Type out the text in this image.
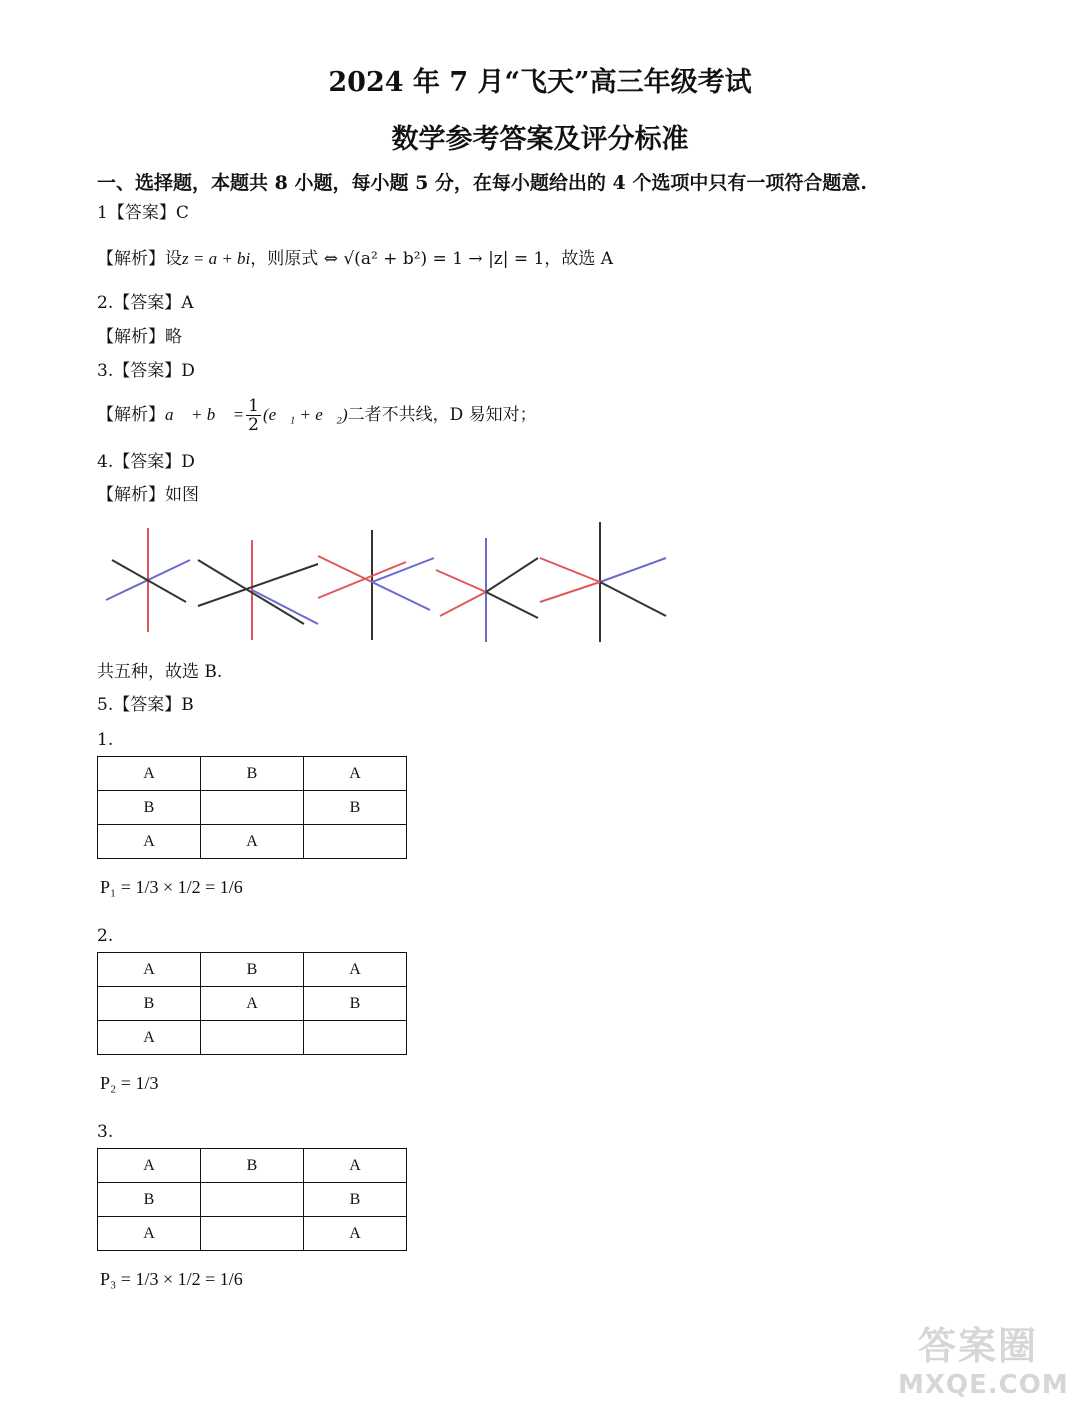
2024 年 7 月“飞天”高三年级考试
数学参考答案及评分标准
一、选择题，本题共 8 小题，每小题 5 分，在每小题给出的 4 个选项中只有一项符合题意.
1【答案】C
【解析】设z = a + bi，则原式 ⇔ √(a² + b²) = 1 → |z| = 1，故选 A
2.【答案】A
【解析】略
3.【答案】D
【解析】a⃗ + b⃗ = $\frac{1}{2}$ (e⃗₁ + e⃗₂)二者不共线，D 易知对；
4.【答案】D
【解析】如图
共五种，故选 B.
5.【答案】B
1.
A	B	A
B		B
A	A	
P₁ = 1/3 × 1/2 = 1/6
2.
A	B	A
B	A	B
A		
P₂ = 1/3
3.
A	B	A
B		B
A		A
P₃ = 1/3 × 1/2 = 1/6
答案圈
MXQE.COM
